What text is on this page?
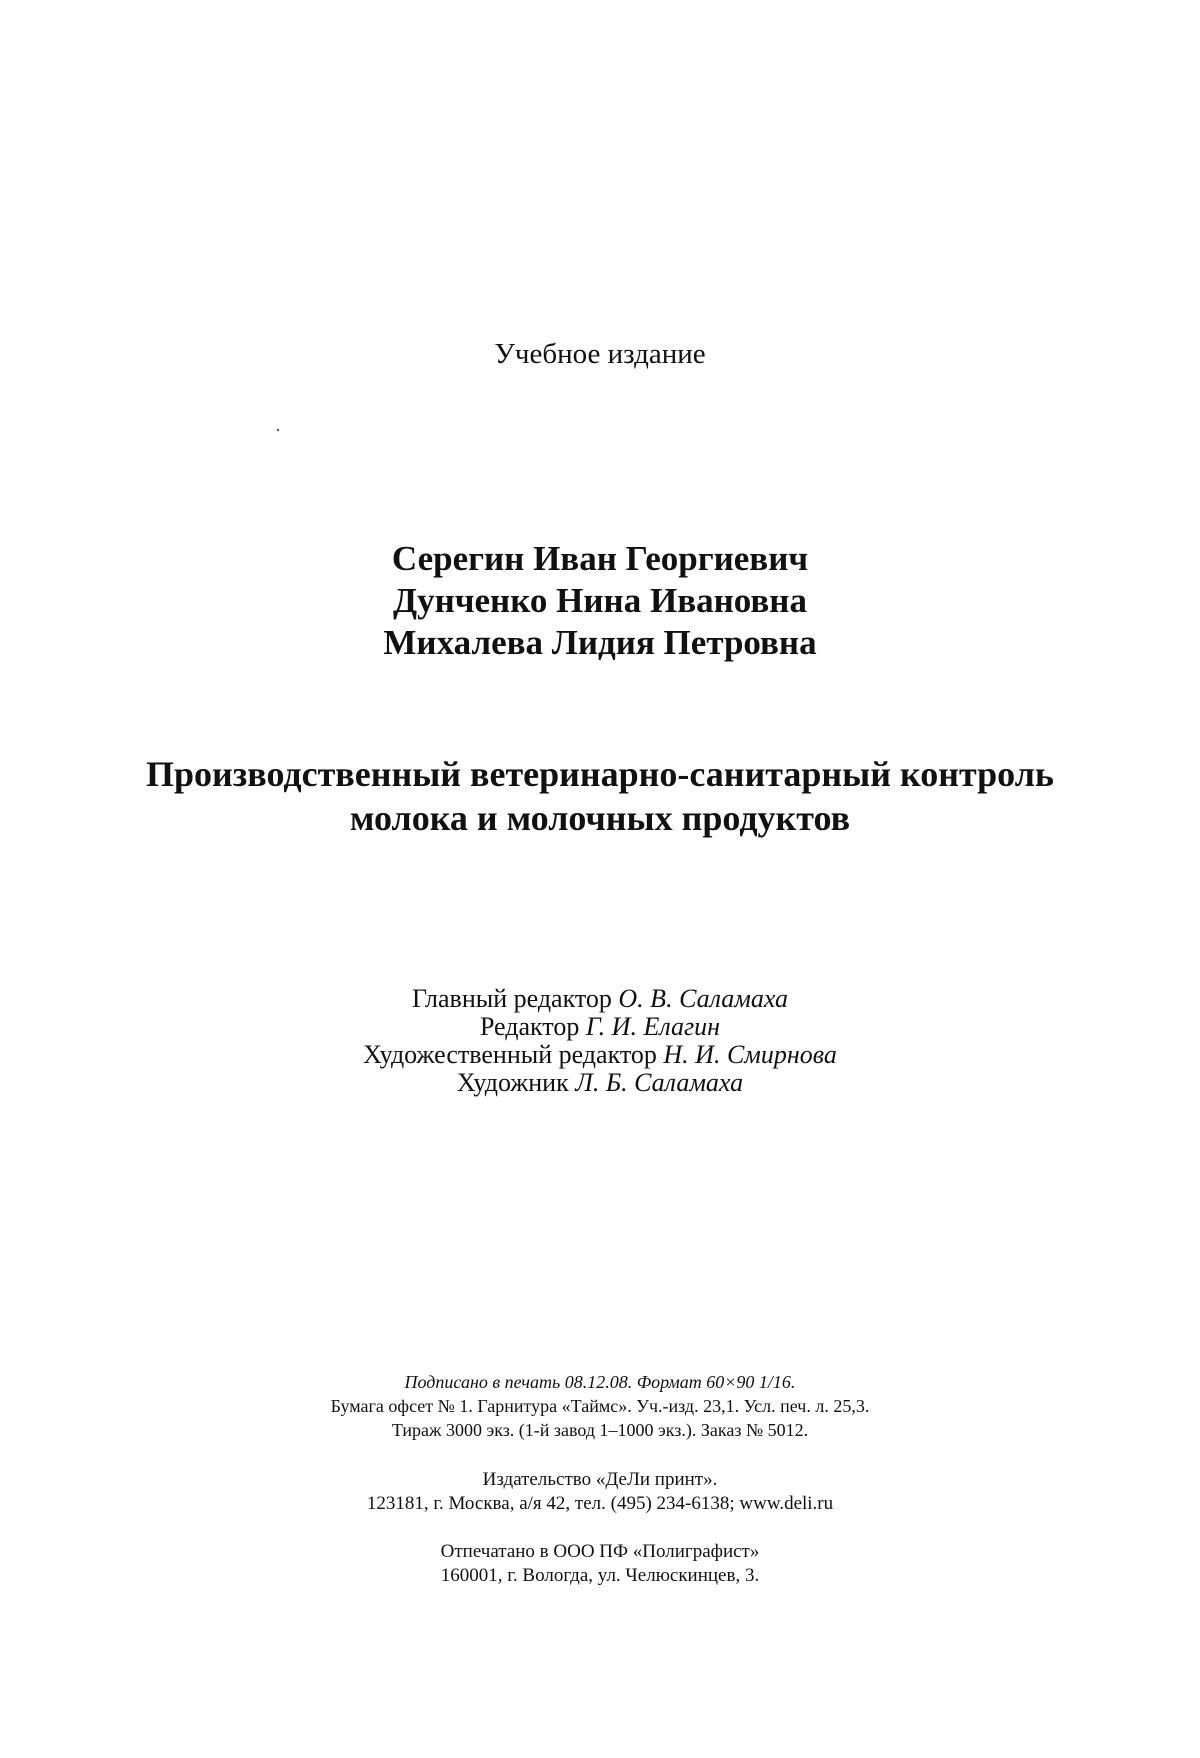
Учебное издание
Серегин Иван Георгиевич
Дунченко Нина Ивановна
Михалева Лидия Петровна
Производственный ветеринарно-санитарный контроль
молока и молочных продуктов
Главный редактор О. В. Саламаха
Редактор Г. И. Елагин
Художественный редактор Н. И. Смирнова
Художник Л. Б. Саламаха
Подписано в печать 08.12.08. Формат 60×90 1/16.
Бумага офсет № 1. Гарнитура «Таймс». Уч.-изд. 23,1. Усл. печ. л. 25,3.
Тираж 3000 экз. (1-й завод 1–1000 экз.). Заказ № 5012.
Издательство «ДеЛи принт».
123181, г. Москва, а/я 42, тел. (495) 234-6138; www.deli.ru
Отпечатано в ООО ПФ «Полиграфист»
160001, г. Вологда, ул. Челюскинцев, 3.
